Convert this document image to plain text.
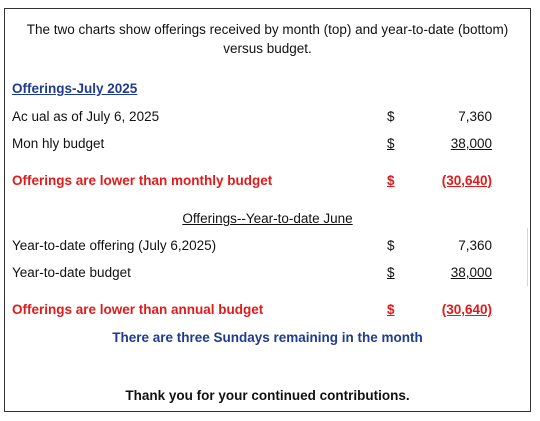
The two charts show offerings received by month (top) and year-to-date (bottom)
versus budget.
Offerings-July 2025
Ac ual as of July 6, 2025	$	7,360
Mon hly budget	$	38,000
Offerings are lower than monthly budget	$	(30,640)
Offerings--Year-to-date June
Year-to-date offering (July 6,2025)	$	7,360
Year-to-date budget	$	38,000
Offerings are lower than annual budget	$	(30,640)
There are three Sundays remaining in the month
Thank you for your continued contributions.
